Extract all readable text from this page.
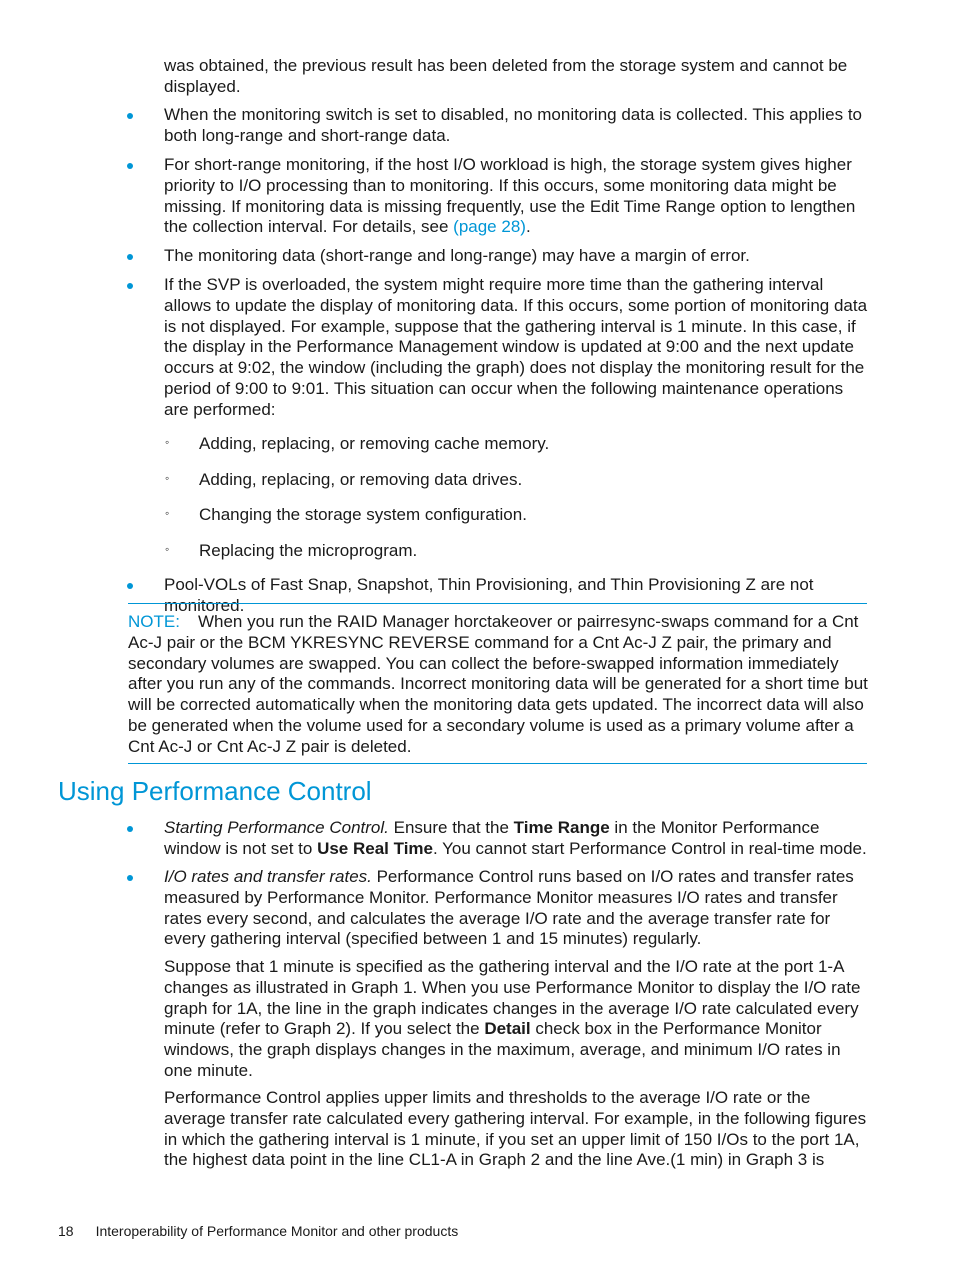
was obtained, the previous result has been deleted from the storage system and cannot be displayed.

When the monitoring switch is set to disabled, no monitoring data is collected. This applies to both long-range and short-range data.
For short-range monitoring, if the host I/O workload is high, the storage system gives higher priority to I/O processing than to monitoring. If this occurs, some monitoring data might be missing. If monitoring data is missing frequently, use the Edit Time Range option to lengthen the collection interval. For details, see (page 28).
The monitoring data (short-range and long-range) may have a margin of error.
If the SVP is overloaded, the system might require more time than the gathering interval allows to update the display of monitoring data. If this occurs, some portion of monitoring data is not displayed. For example, suppose that the gathering interval is 1 minute. In this case, if the display in the Performance Management window is updated at 9:00 and the next update occurs at 9:02, the window (including the graph) does not display the monitoring result for the period of 9:00 to 9:01. This situation can occur when the following maintenance operations are performed:
◦ Adding, replacing, or removing cache memory.
◦ Adding, replacing, or removing data drives.
◦ Changing the storage system configuration.
◦ Replacing the microprogram.
Pool-VOLs of Fast Snap, Snapshot, Thin Provisioning, and Thin Provisioning Z are not monitored.
NOTE: When you run the RAID Manager horctakeover or pairresync-swaps command for a Cnt Ac-J pair or the BCM YKRESYNC REVERSE command for a Cnt Ac-J Z pair, the primary and secondary volumes are swapped. You can collect the before-swapped information immediately after you run any of the commands. Incorrect monitoring data will be generated for a short time but will be corrected automatically when the monitoring data gets updated. The incorrect data will also be generated when the volume used for a secondary volume is used as a primary volume after a Cnt Ac-J or Cnt Ac-J Z pair is deleted.
Using Performance Control
Starting Performance Control. Ensure that the Time Range in the Monitor Performance window is not set to Use Real Time. You cannot start Performance Control in real-time mode.
I/O rates and transfer rates. Performance Control runs based on I/O rates and transfer rates measured by Performance Monitor. Performance Monitor measures I/O rates and transfer rates every second, and calculates the average I/O rate and the average transfer rate for every gathering interval (specified between 1 and 15 minutes) regularly.

Suppose that 1 minute is specified as the gathering interval and the I/O rate at the port 1-A changes as illustrated in Graph 1. When you use Performance Monitor to display the I/O rate graph for 1A, the line in the graph indicates changes in the average I/O rate calculated every minute (refer to Graph 2). If you select the Detail check box in the Performance Monitor windows, the graph displays changes in the maximum, average, and minimum I/O rates in one minute.

Performance Control applies upper limits and thresholds to the average I/O rate or the average transfer rate calculated every gathering interval. For example, in the following figures in which the gathering interval is 1 minute, if you set an upper limit of 150 I/Os to the port 1A, the highest data point in the line CL1-A in Graph 2 and the line Ave.(1 min) in Graph 3 is

18 Interoperability of Performance Monitor and other products
